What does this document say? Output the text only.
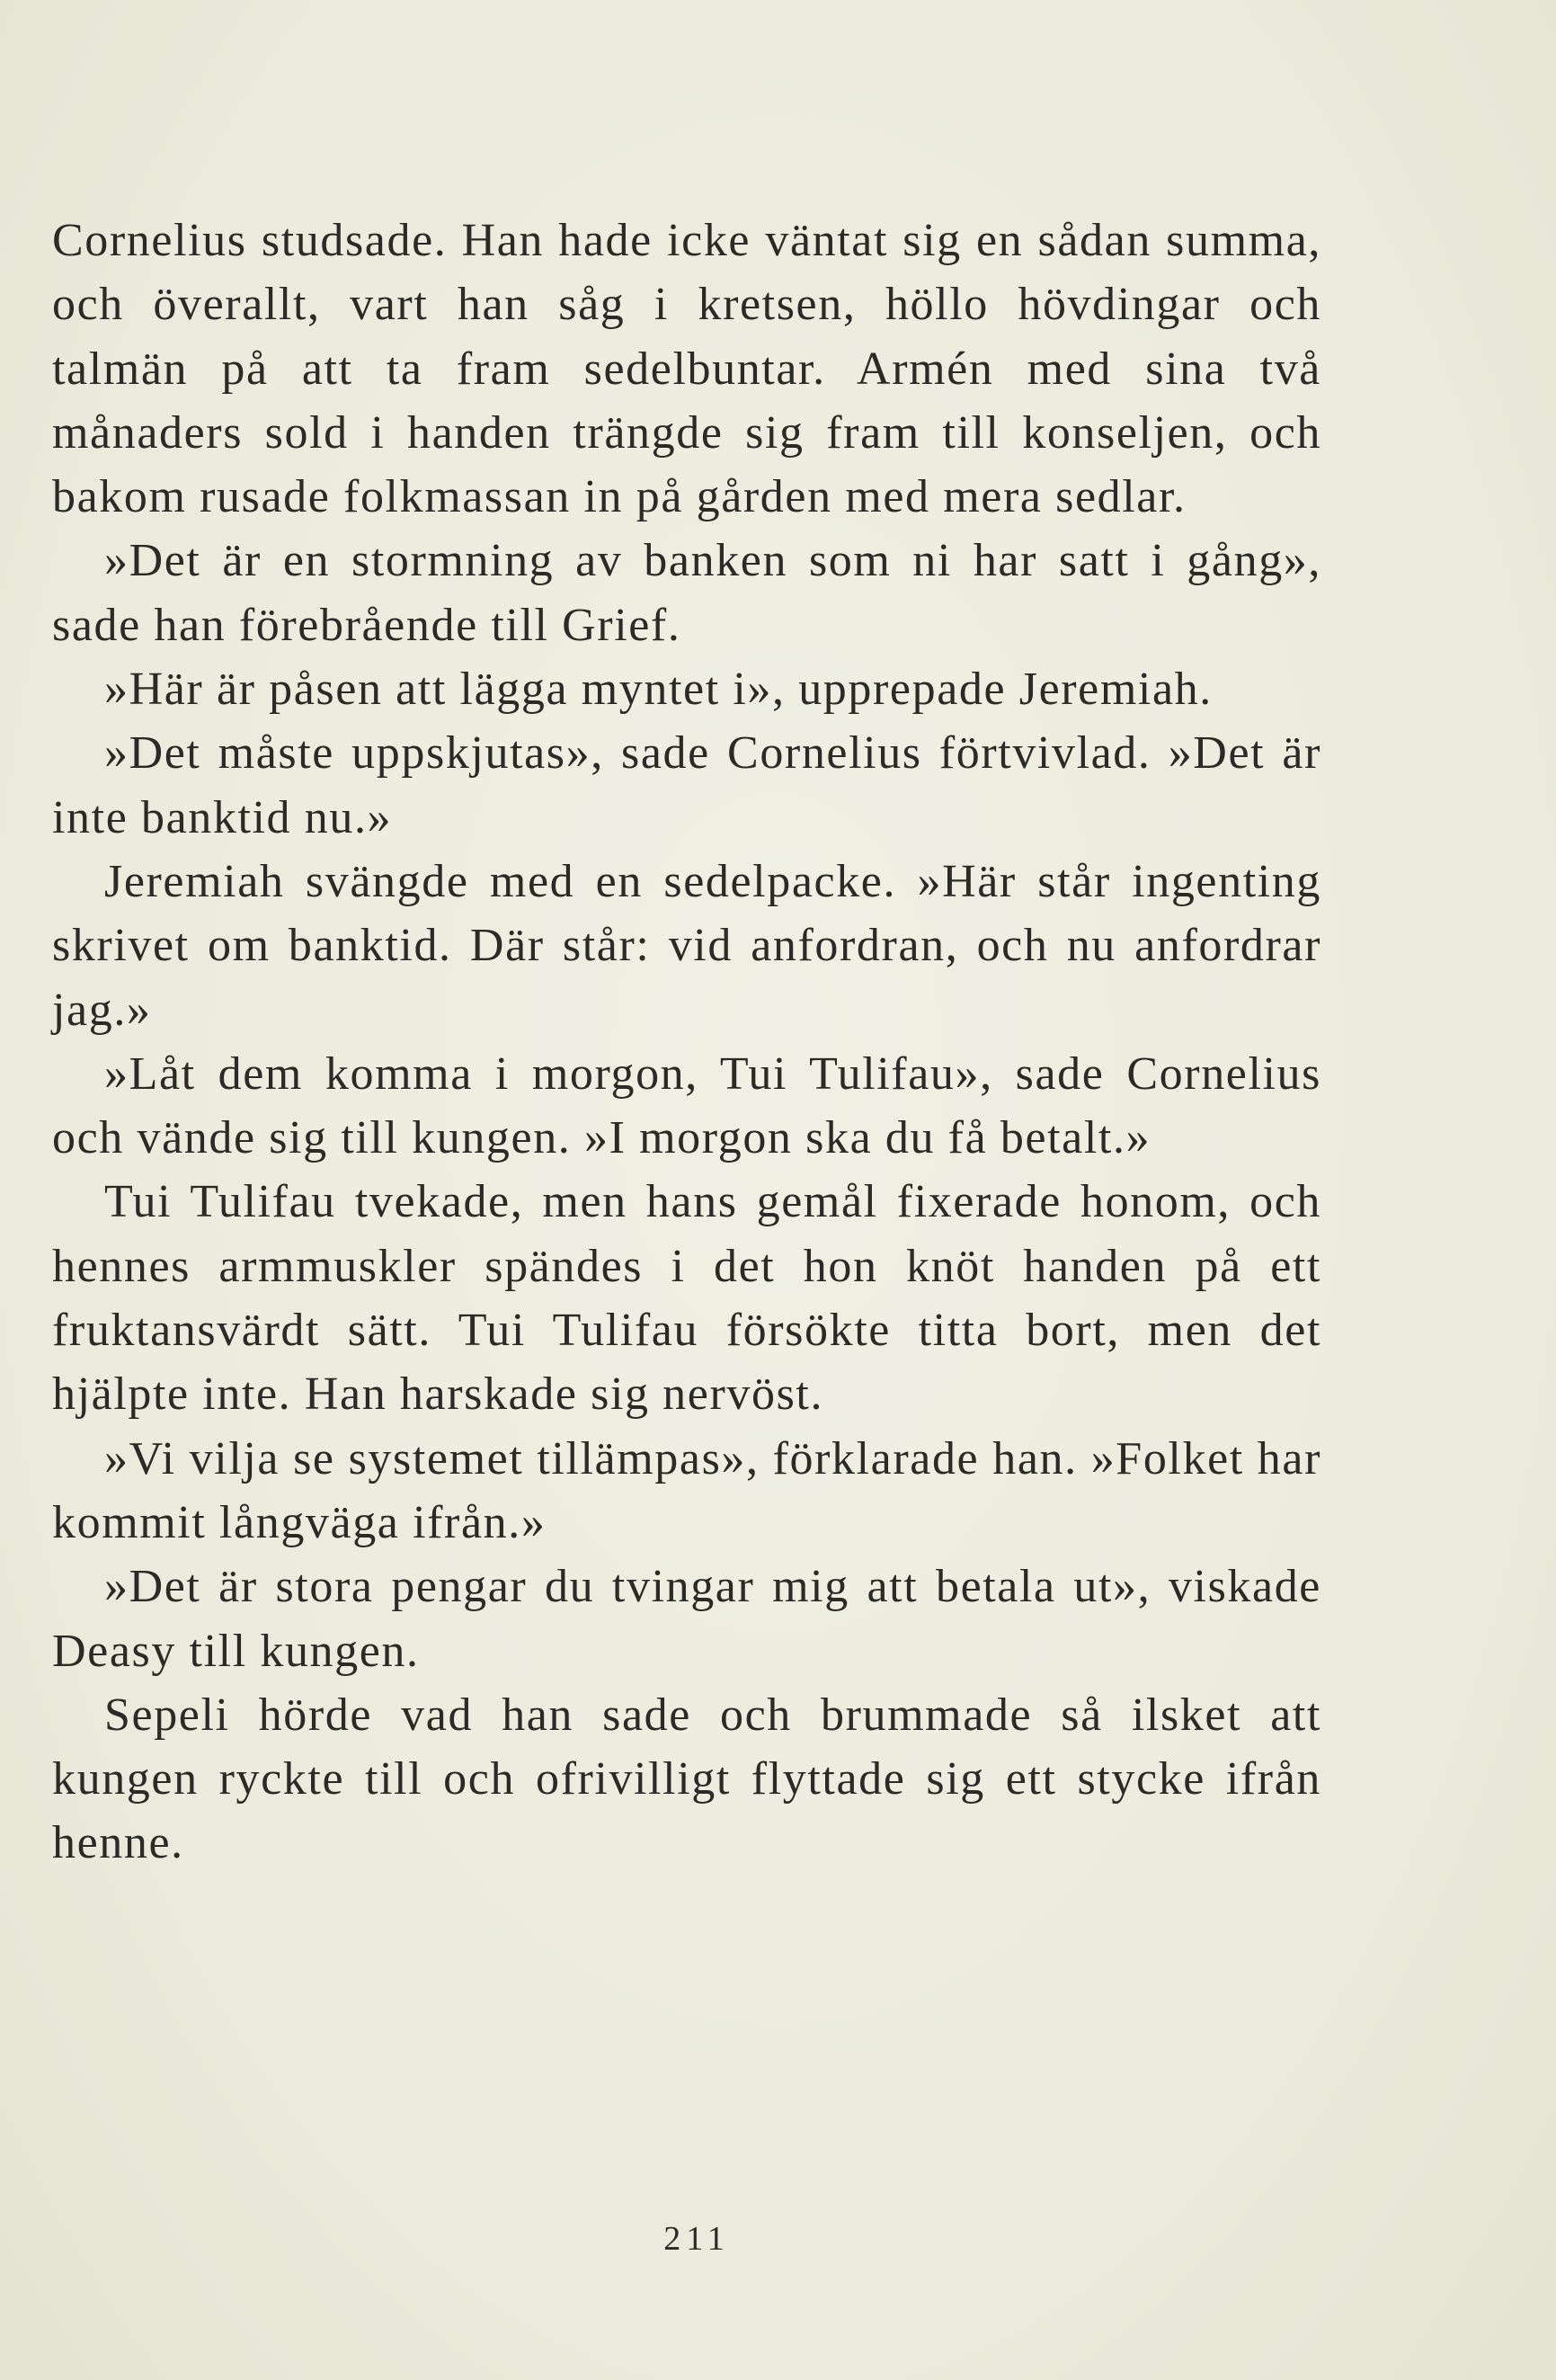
Cornelius studsade. Han hade icke väntat sig en sådan summa, och överallt, vart han såg i kretsen, höllo hövdingar och talmän på att ta fram sedelbuntar. Armén med sina två månaders sold i handen trängde sig fram till konseljen, och bakom rusade folkmassan in på gården med mera sedlar.

»Det är en stormning av banken som ni har satt i gång», sade han förebrående till Grief.

»Här är påsen att lägga myntet i», upprepade Jeremiah.

»Det måste uppskjutas», sade Cornelius förtvivlad. »Det är inte banktid nu.»

Jeremiah svängde med en sedelpacke. »Här står ingenting skrivet om banktid. Där står: vid anfordran, och nu anfordrar jag.»

»Låt dem komma i morgon, Tui Tulifau», sade Cornelius och vände sig till kungen. »I morgon ska du få betalt.»

Tui Tulifau tvekade, men hans gemål fixerade honom, och hennes armmuskler spändes i det hon knöt handen på ett fruktansvärdt sätt. Tui Tulifau försökte titta bort, men det hjälpte inte. Han harskade sig nervöst.

»Vi vilja se systemet tillämpas», förklarade han. »Folket har kommit långväga ifrån.»

»Det är stora pengar du tvingar mig att betala ut», viskade Deasy till kungen.

Sepeli hörde vad han sade och brummade så ilsket att kungen ryckte till och ofrivilligt flyttade sig ett stycke ifrån henne.

211
